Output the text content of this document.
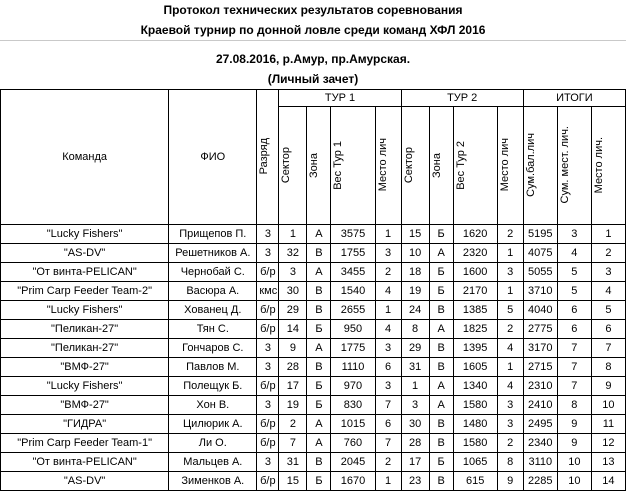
Протокол технических результатов соревнования
Краевой турнир по донной ловле среди команд ХФЛ 2016

27.08.2016, р.Амур, пр.Амурская.
(Личный зачет)
Команда	ФИО	Разряд	ТУР 1				ТУР 2				ИТОГИ		

			Сектор	Зона	Вес Тур 1	Место лич	Сектор	Зона	Вес Тур 2	Место лич	Сум.бал.лич	Сум. мест. лич.	Место лич.

"Lucky Fishers"	Прищепов П.	3	1	А	3575	1	15	Б	1620	2	5195	3	1
"AS-DV"	Решетников А.	3	32	В	1755	3	10	А	2320	1	4075	4	2
"От винта-PELICAN"	Чернобай С.	б/р	3	А	3455	2	18	Б	1600	3	5055	5	3
"Prim Carp Feeder Team-2"	Васюра А.	кмс	30	В	1540	4	19	Б	2170	1	3710	5	4
"Lucky Fishers"	Хованец Д.	б/р	29	В	2655	1	24	В	1385	5	4040	6	5
"Пеликан-27"	Тян С.	б/р	14	Б	950	4	8	А	1825	2	2775	6	6
"Пеликан-27"	Гончаров С.	3	9	А	1775	3	29	В	1395	4	3170	7	7
"ВМФ-27"	Павлов М.	3	28	В	1110	6	31	В	1605	1	2715	7	8
"Lucky Fishers"	Полещук Б.	б/р	17	Б	970	3	1	А	1340	4	2310	7	9
"ВМФ-27"	Хон В.	3	19	Б	830	7	3	А	1580	3	2410	8	10
"ГИДРА"	Цилюрик А.	б/р	2	А	1015	6	30	В	1480	3	2495	9	11
"Prim Carp Feeder Team-1"	Ли О.	б/р	7	А	760	7	28	В	1580	2	2340	9	12
"От винта-PELICAN"	Мальцев А.	3	31	В	2045	2	17	Б	1065	8	3110	10	13
"AS-DV"	Зименков А.	б/р	15	Б	1670	1	23	В	615	9	2285	10	14
